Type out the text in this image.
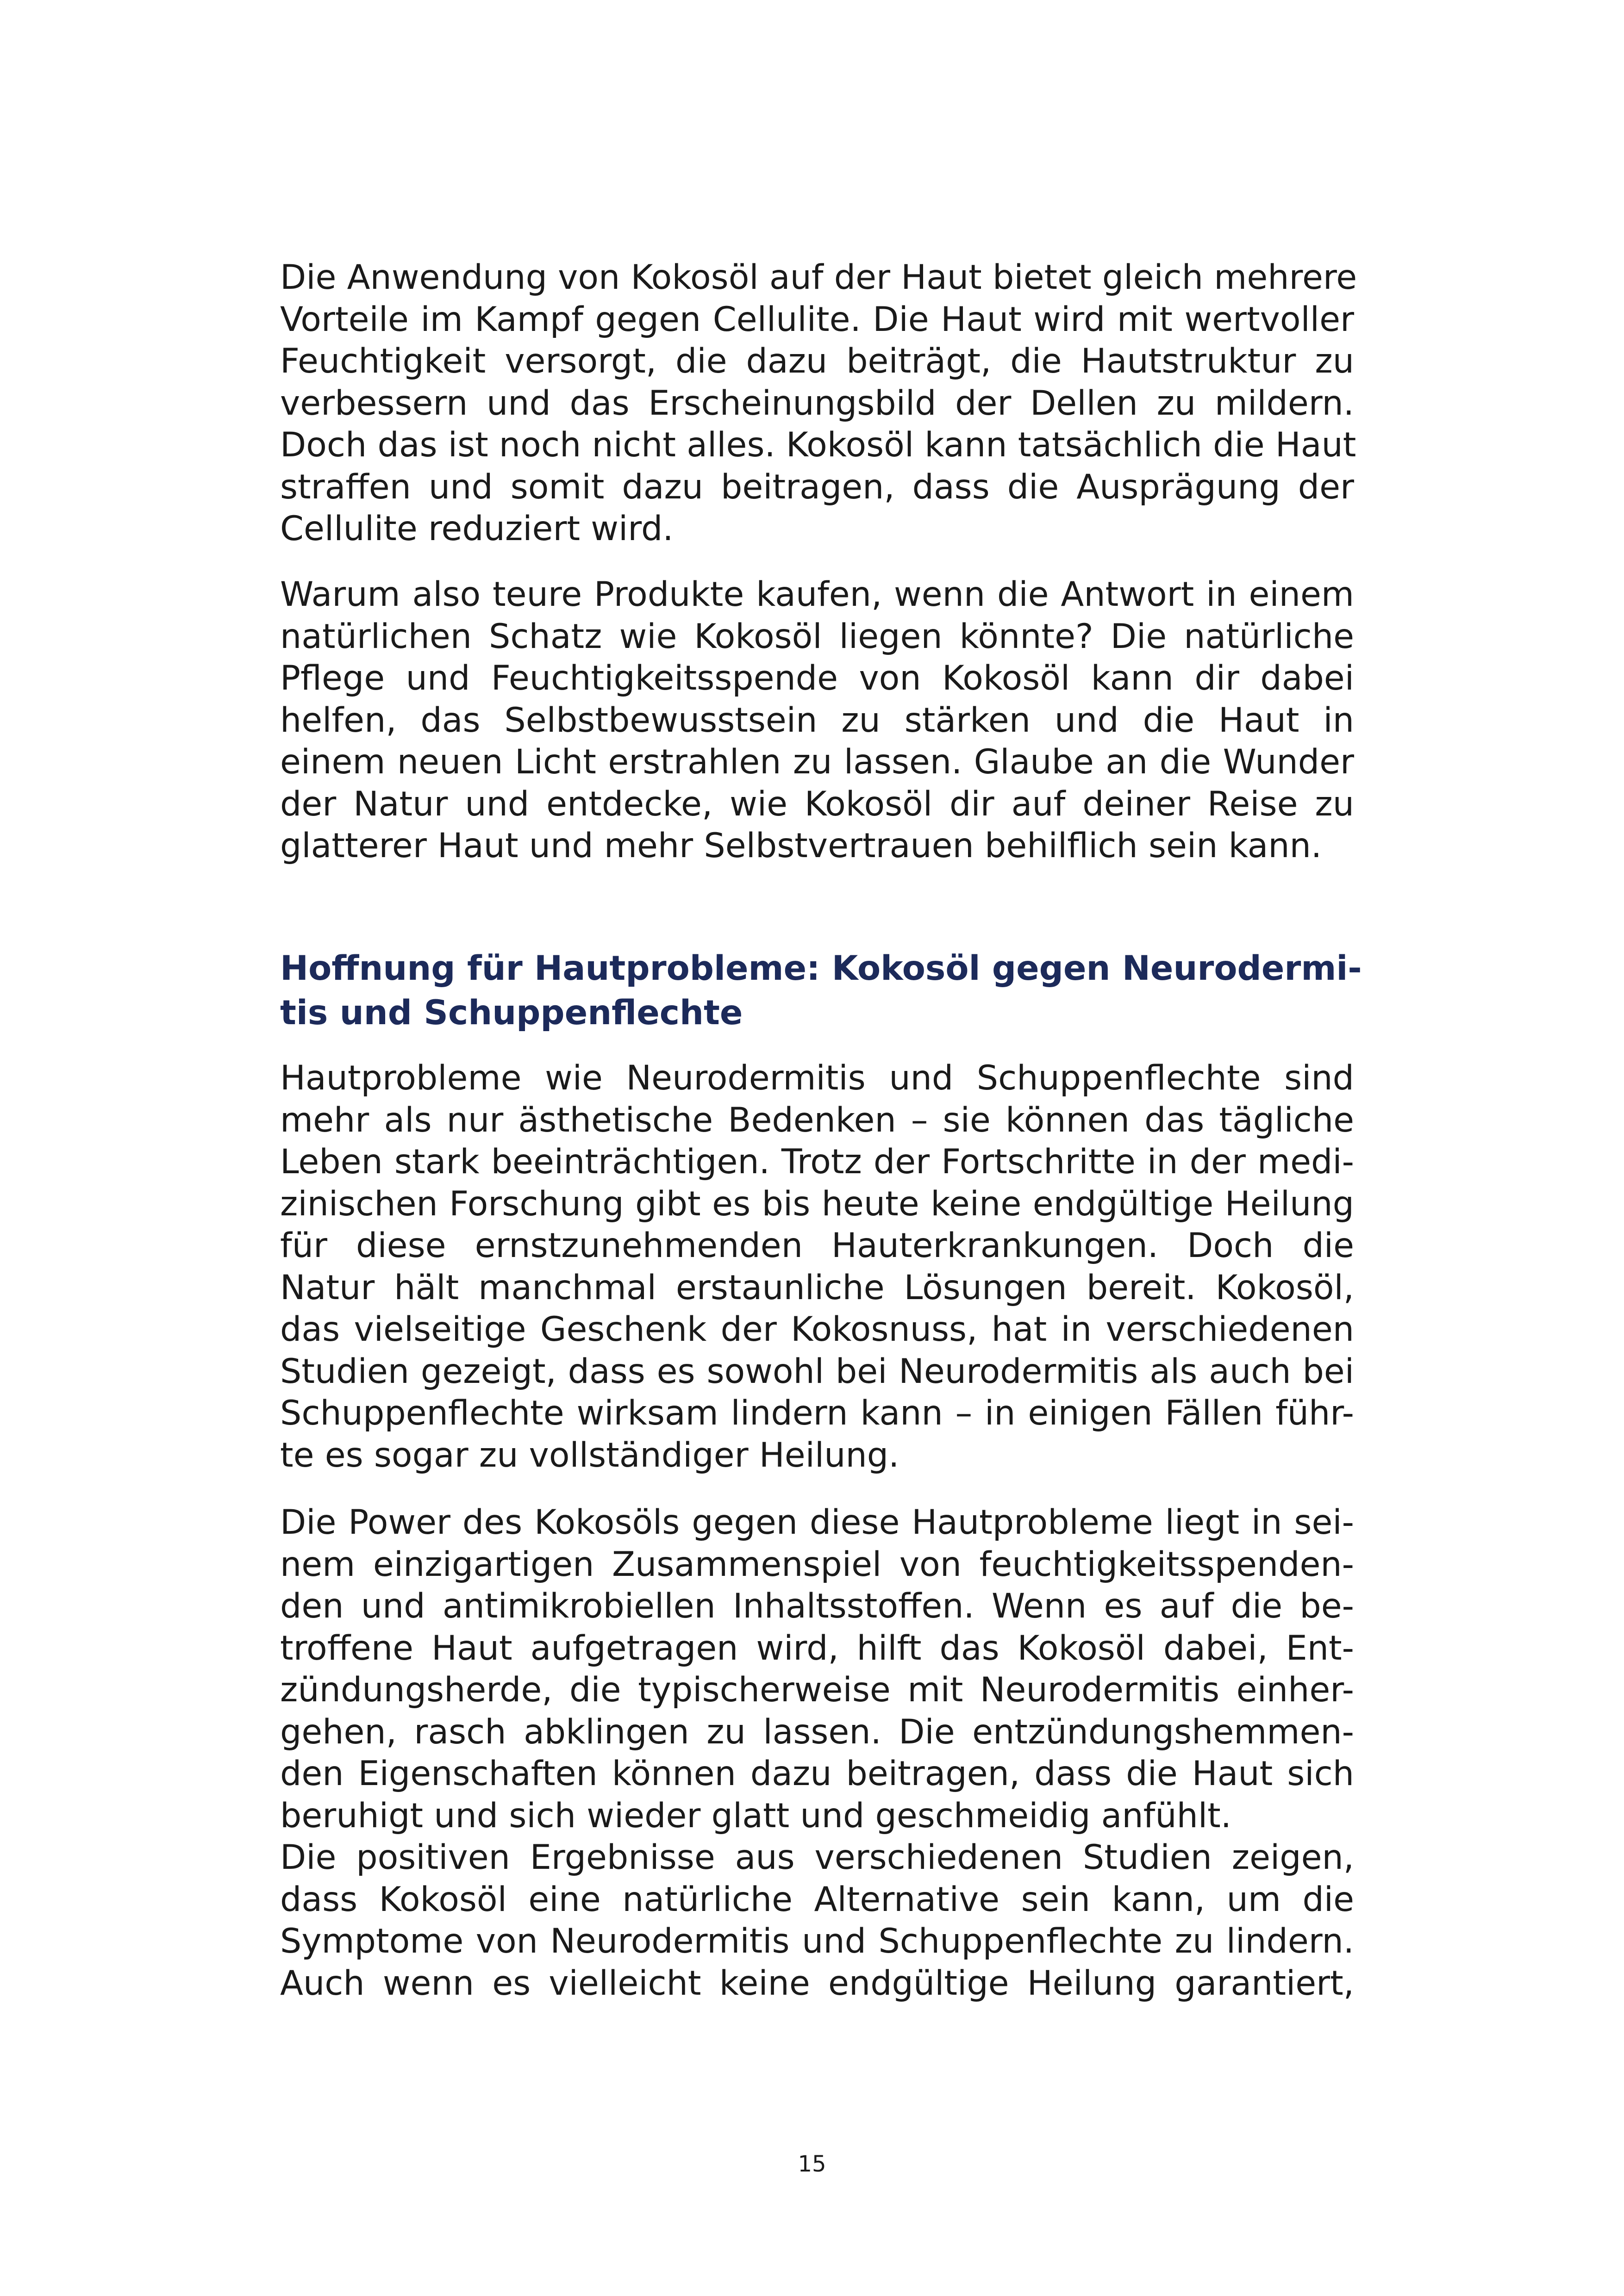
Die Anwendung von Kokosöl auf der Haut bietet gleich mehrere
Vorteile im Kampf gegen Cellulite. Die Haut wird mit wertvoller
Feuchtigkeit versorgt, die dazu beiträgt, die Hautstruktur zu
verbessern und das Erscheinungsbild der Dellen zu mildern.
Doch das ist noch nicht alles. Kokosöl kann tatsächlich die Haut
straffen und somit dazu beitragen, dass die Ausprägung der
Cellulite reduziert wird.
Warum also teure Produkte kaufen, wenn die Antwort in einem
natürlichen Schatz wie Kokosöl liegen könnte? Die natürliche
Pflege und Feuchtigkeitsspende von Kokosöl kann dir dabei
helfen, das Selbstbewusstsein zu stärken und die Haut in
einem neuen Licht erstrahlen zu lassen. Glaube an die Wunder
der Natur und entdecke, wie Kokosöl dir auf deiner Reise zu
glatterer Haut und mehr Selbstvertrauen behilflich sein kann.
Hoffnung für Hautprobleme: Kokosöl gegen Neurodermi-
tis und Schuppenflechte
Hautprobleme wie Neurodermitis und Schuppenflechte sind
mehr als nur ästhetische Bedenken – sie können das tägliche
Leben stark beeinträchtigen. Trotz der Fortschritte in der medi-
zinischen Forschung gibt es bis heute keine endgültige Heilung
für diese ernstzunehmenden Hauterkrankungen. Doch die
Natur hält manchmal erstaunliche Lösungen bereit. Kokosöl,
das vielseitige Geschenk der Kokosnuss, hat in verschiedenen
Studien gezeigt, dass es sowohl bei Neurodermitis als auch bei
Schuppenflechte wirksam lindern kann – in einigen Fällen führ-
te es sogar zu vollständiger Heilung.
Die Power des Kokosöls gegen diese Hautprobleme liegt in sei-
nem einzigartigen Zusammenspiel von feuchtigkeitsspenden-
den und antimikrobiellen Inhaltsstoffen. Wenn es auf die be-
troffene Haut aufgetragen wird, hilft das Kokosöl dabei, Ent-
zündungsherde, die typischerweise mit Neurodermitis einher-
gehen, rasch abklingen zu lassen. Die entzündungshemmen-
den Eigenschaften können dazu beitragen, dass die Haut sich
beruhigt und sich wieder glatt und geschmeidig anfühlt.
Die positiven Ergebnisse aus verschiedenen Studien zeigen,
dass Kokosöl eine natürliche Alternative sein kann, um die
Symptome von Neurodermitis und Schuppenflechte zu lindern.
Auch wenn es vielleicht keine endgültige Heilung garantiert,
15
